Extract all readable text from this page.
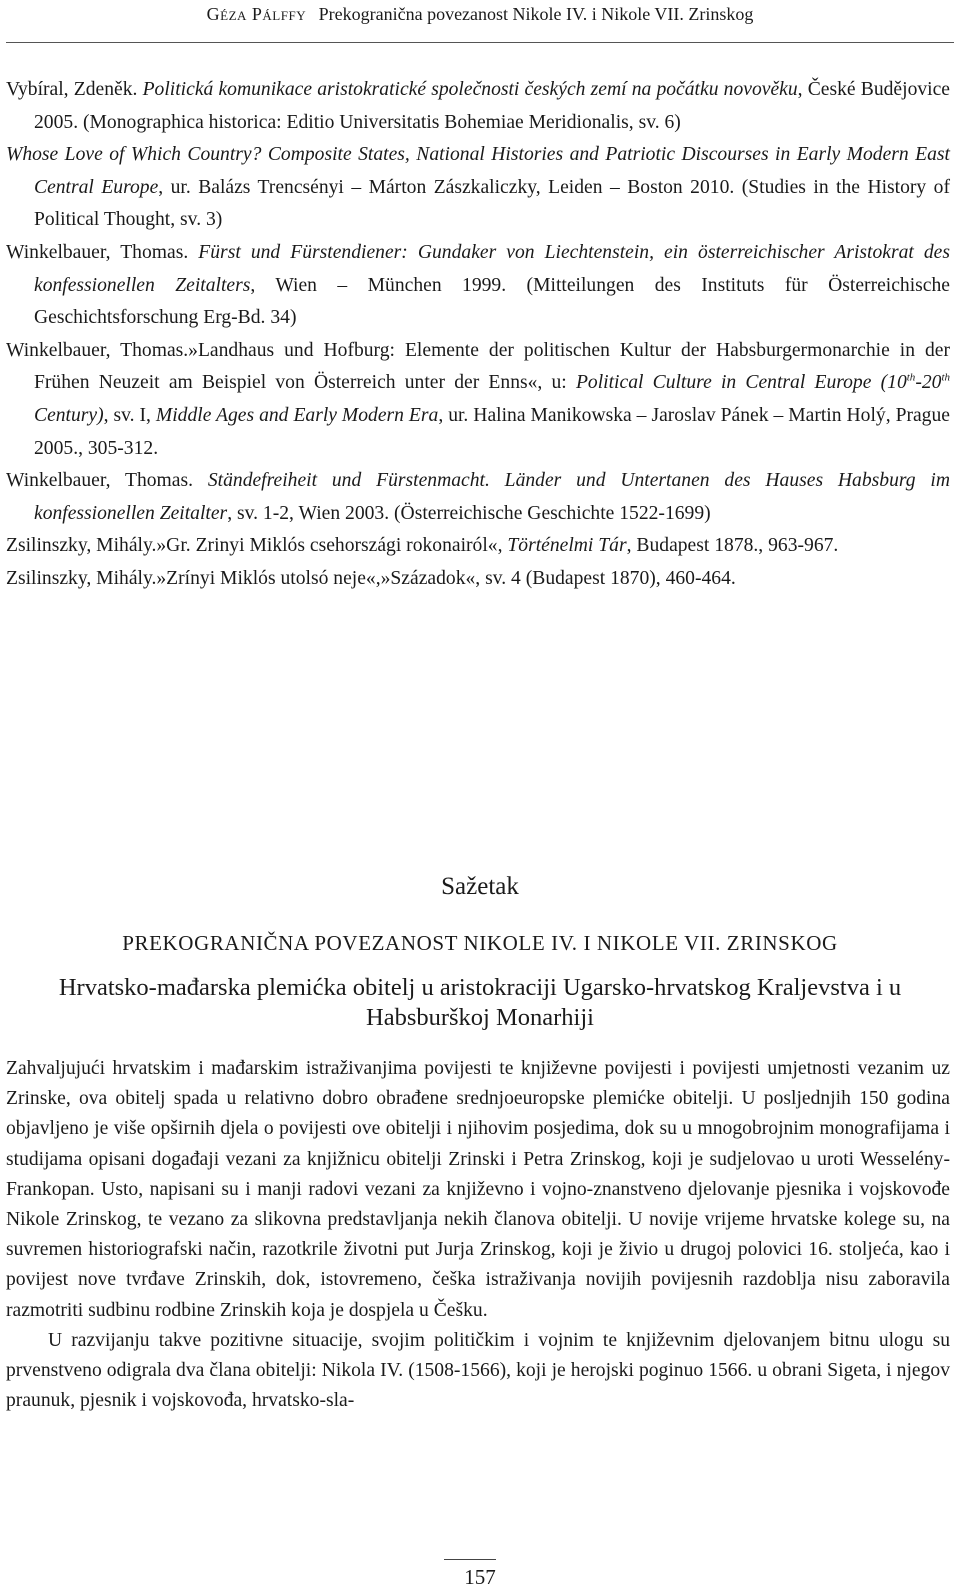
Géza Pálffy Prekogranična povezanost Nikole IV. i Nikole VII. Zrinskog

Vybíral, Zdeněk. Politická komunikace aristokratické společnosti českých zemí na počátku novověku, České Budějovice 2005. (Monographica historica: Editio Universitatis Bohemiae Meridionalis, sv. 6)

Whose Love of Which Country? Composite States, National Histories and Patriotic Discourses in Early Modern East Central Europe, ur. Balázs Trencsényi – Márton Zászkaliczky, Leiden – Boston 2010. (Studies in the History of Political Thought, sv. 3)

Winkelbauer, Thomas. Fürst und Fürstendiener: Gundaker von Liechtenstein, ein österreichischer Aristokrat des konfessionellen Zeitalters, Wien – München 1999. (Mitteilungen des Instituts für Österreichische Geschichtsforschung Erg-Bd. 34)

Winkelbauer, Thomas.»Landhaus und Hofburg: Elemente der politischen Kultur der Habsburgermonarchie in der Frühen Neuzeit am Beispiel von Österreich unter der Enns«, u: Political Culture in Central Europe (10th-20th Century), sv. I, Middle Ages and Early Modern Era, ur. Halina Manikowska – Jaroslav Pánek – Martin Holý, Prague 2005., 305-312.

Winkelbauer, Thomas. Ständefreiheit und Fürstenmacht. Länder und Untertanen des Hauses Habsburg im konfessionellen Zeitalter, sv. 1-2, Wien 2003. (Österreichische Geschichte 1522-1699)

Zsilinszky, Mihály.»Gr. Zrinyi Miklós csehországi rokonairól«, Történelmi Tár, Budapest 1878., 963-967.

Zsilinszky, Mihály.»Zrínyi Miklós utolsó neje«,»Századok«, sv. 4 (Budapest 1870), 460-464.

Sažetak
PREKOGRANIČNA POVEZANOST NIKOLE IV. I NIKOLE VII. ZRINSKOG
Hrvatsko-mađarska plemićka obitelj u aristokraciji Ugarsko-hrvatskog Kraljevstva i u Habsburškoj Monarhiji

Zahvaljujući hrvatskim i mađarskim istraživanjima povijesti te književne povijesti i povijesti umjetnosti vezanim uz Zrinske, ova obitelj spada u relativno dobro obrađene srednjoeuropske plemićke obitelji. U posljednjih 150 godina objavljeno je više opširnih djela o povijesti ove obitelji i njihovim posjedima, dok su u mnogobrojnim monografijama i studijama opisani događaji vezani za knjižnicu obitelji Zrinski i Petra Zrinskog, koji je sudjelovao u uroti Wesselény-Frankopan. Usto, napisani su i manji radovi vezani za književno i vojno-znanstveno djelovanje pjesnika i vojskovođe Nikole Zrinskog, te vezano za slikovna predstavljanja nekih članova obitelji. U novije vrijeme hrvatske kolege su, na suvremen historiografski način, razotkrile životni put Jurja Zrinskog, koji je živio u drugoj polovici 16. stoljeća, kao i povijest nove tvrđave Zrinskih, dok, istovremeno, češka istraživanja novijih povijesnih razdoblja nisu zaboravila razmotriti sudbinu rodbine Zrinskih koja je dospjela u Češku.

U razvijanju takve pozitivne situacije, svojim političkim i vojnim te književnim djelovanjem bitnu ulogu su prvenstveno odigrala dva člana obitelji: Nikola IV. (1508-1566), koji je herojski poginuo 1566. u obrani Sigeta, i njegov praunuk, pjesnik i vojskovođa, hrvatsko-sla-

157
